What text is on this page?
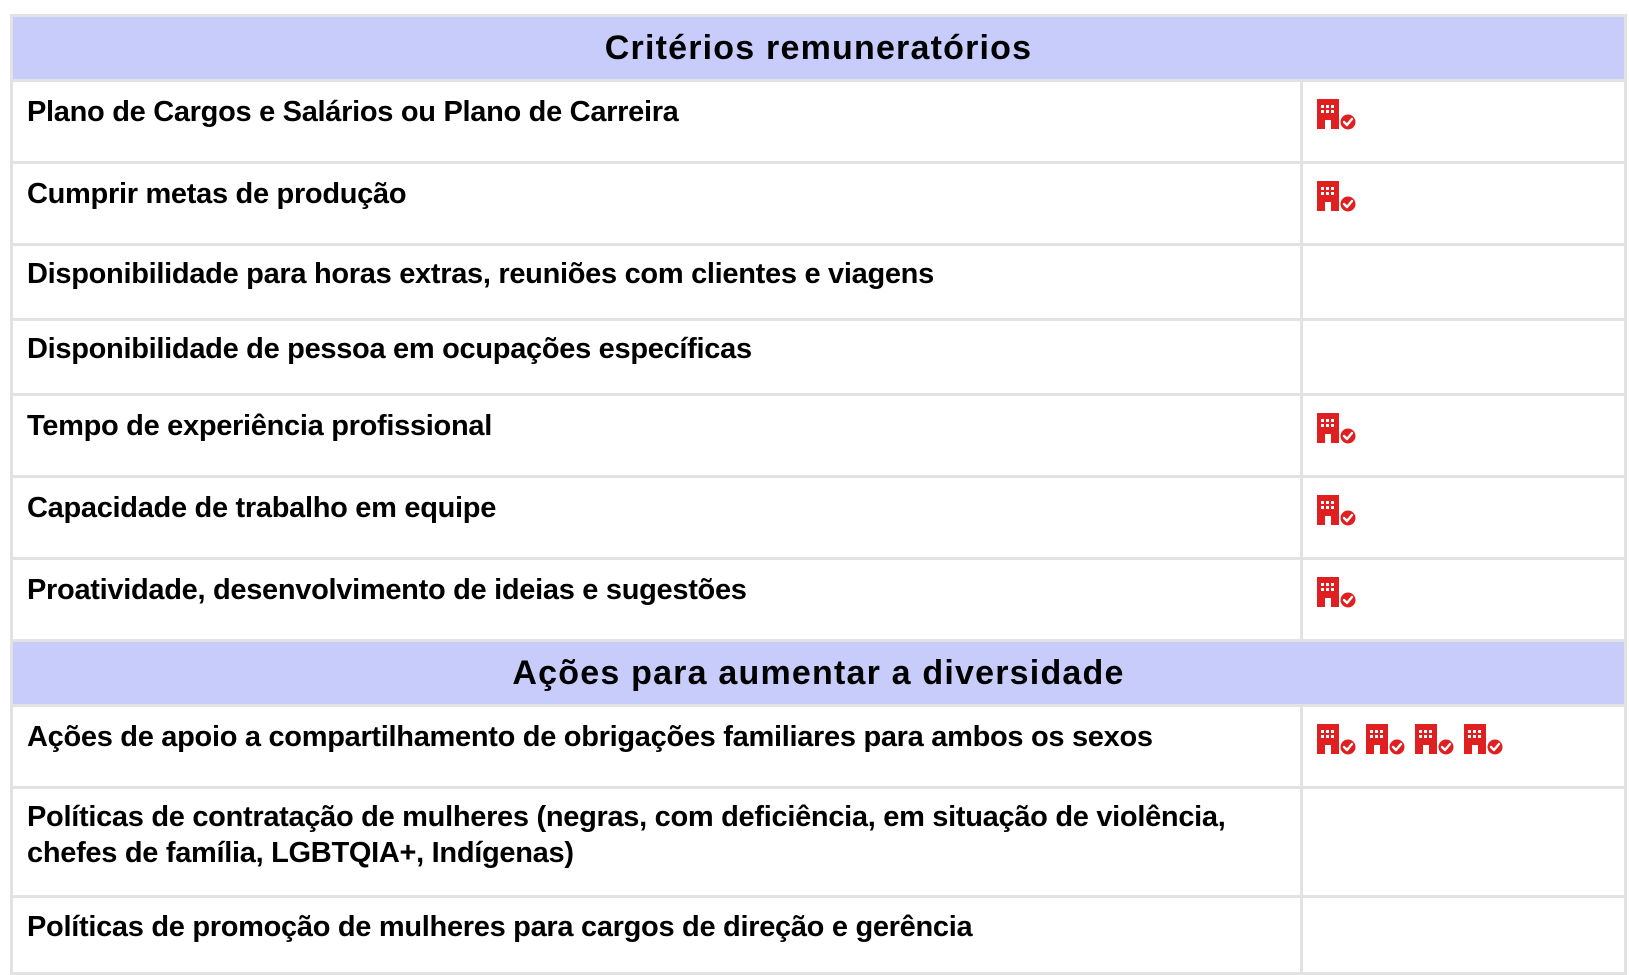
Critérios remuneratórios	
Plano de Cargos e Salários ou Plano de Carreira	
Cumprir metas de produção	
Disponibilidade para horas extras, reuniões com clientes e viagens	
Disponibilidade de pessoa em ocupações específicas	
Tempo de experiência profissional	
Capacidade de trabalho em equipe	
Proatividade, desenvolvimento de ideias e sugestões	
Ações para aumentar a diversidade	
Ações de apoio a compartilhamento de obrigações familiares para ambos os sexos	
Políticas de contratação de mulheres (negras, com deficiência, em situação de violência, chefes de família, LGBTQIA+, Indígenas)	
Políticas de promoção de mulheres para cargos de direção e gerência	
